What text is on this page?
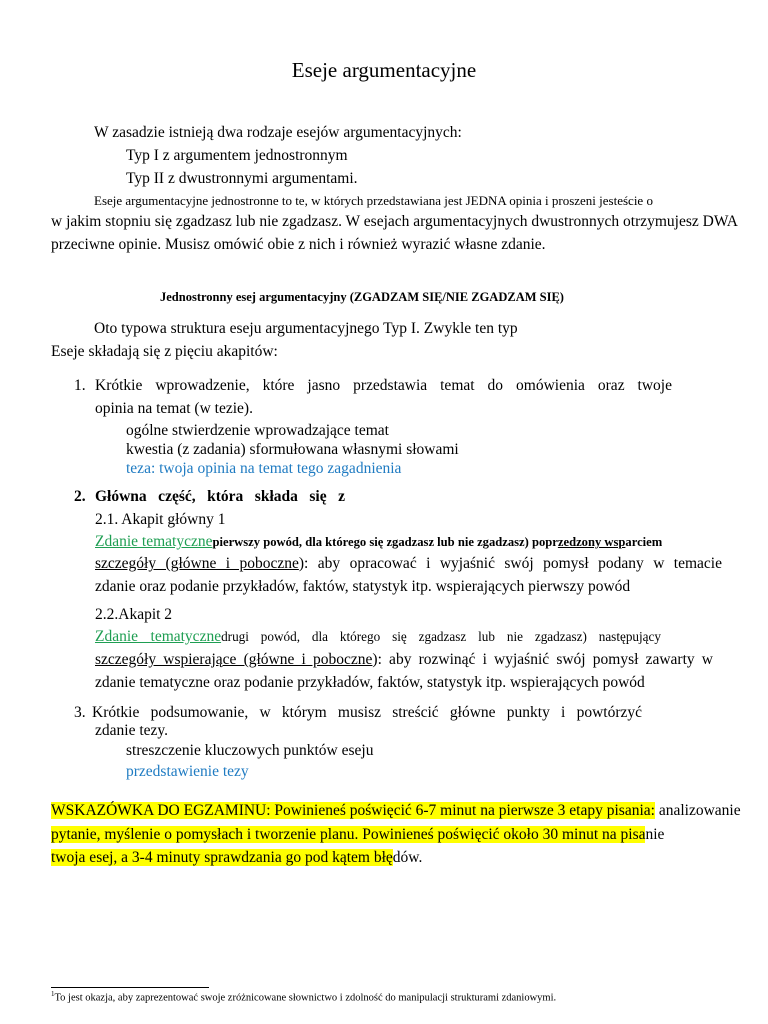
Eseje argumentacyjne
W zasadzie istnieją dwa rodzaje esejów argumentacyjnych:
Typ I z argumentem jednostronnym
Typ II z dwustronnymi argumentami.
Eseje argumentacyjne jednostronne to te, w których przedstawiana jest JEDNA opinia i proszeni jesteście o
w jakim stopniu się zgadzasz lub nie zgadzasz. W esejach argumentacyjnych dwustronnych otrzymujesz DWA
przeciwne opinie. Musisz omówić obie z nich i również wyrazić własne zdanie.
Jednostronny esej argumentacyjny (ZGADZAM SIĘ/NIE ZGADZAM SIĘ)
Oto typowa struktura eseju argumentacyjnego Typ I. Zwykle ten typ
Eseje składają się z pięciu akapitów:
1. Krótkie wprowadzenie, które jasno przedstawia temat do omówienia oraz twoje
opinia na temat (w tezie).
ogólne stwierdzenie wprowadzające temat
kwestia (z zadania) sformułowana własnymi słowami
teza: twoja opinia na temat tego zagadnienia
2. Główna część, która składa się z
2.1. Akapit główny 1
Zdanie tematycznepierwszy powód, dla którego się zgadzasz lub nie zgadzasz) poprzedzony wsparciem
szczegóły (główne i poboczne): aby opracować i wyjaśnić swój pomysł podany w temacie
zdanie oraz podanie przykładów, faktów, statystyk itp. wspierających pierwszy powód
2.2.Akapit 2
Zdanie tematycznedrugi powód, dla którego się zgadzasz lub nie zgadzasz) następujący
szczegóły wspierające (główne i poboczne): aby rozwinąć i wyjaśnić swój pomysł zawarty w
zdanie tematyczne oraz podanie przykładów, faktów, statystyk itp. wspierających powód
3. Krótkie podsumowanie, w którym musisz streścić główne punkty i powtórzyć
zdanie tezy.
streszczenie kluczowych punktów eseju
przedstawienie tezy
WSKAZÓWKA DO EGZAMINU: Powinieneś poświęcić 6-7 minut na pierwsze 3 etapy pisania: analizowanie
pytanie, myślenie o pomysłach i tworzenie planu. Powinieneś poświęcić około 30 minut na pisanie
twoja esej, a 3-4 minuty sprawdzania go pod kątem błędów.
$^1$To jest okazja, aby zaprezentować swoje zróżnicowane słownictwo i zdolność do manipulacji strukturami zdaniowymi.
